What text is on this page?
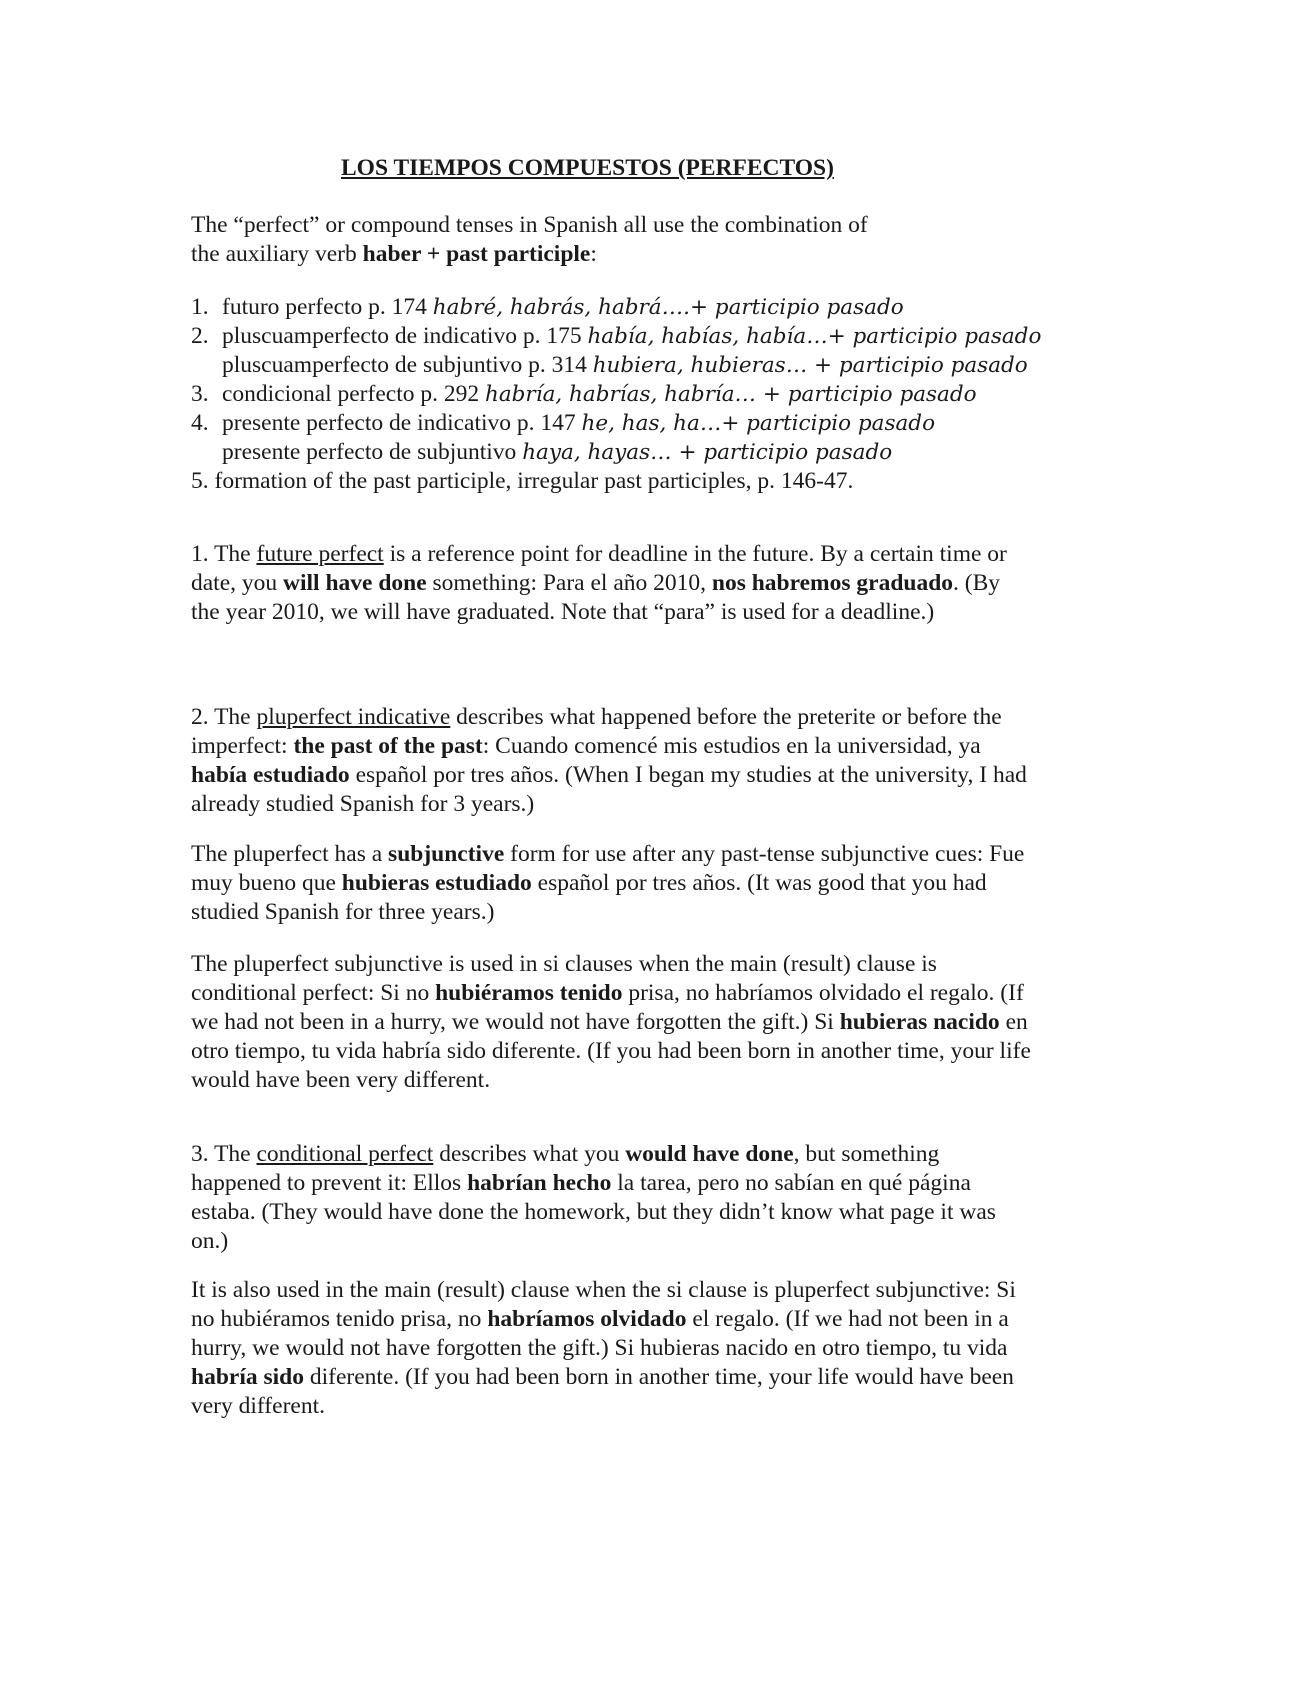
LOS TIEMPOS COMPUESTOS (PERFECTOS)
The “perfect” or compound tenses in Spanish all use the combination of
the auxiliary verb haber + past participle:
1. futuro perfecto p. 174 habré, habrás, habrá….+ participio pasado
2. pluscuamperfecto de indicativo p. 175 había, habías, había…+ participio pasado
pluscuamperfecto de subjuntivo p. 314 hubiera, hubieras… + participio pasado
3. condicional perfecto p. 292 habría, habrías, habría… + participio pasado
4. presente perfecto de indicativo p. 147 he, has, ha…+ participio pasado
presente perfecto de subjuntivo haya, hayas… + participio pasado
5. formation of the past participle, irregular past participles, p. 146-47.
1. The future perfect is a reference point for deadline in the future. By a certain time or
date, you will have done something: Para el año 2010, nos habremos graduado. (By
the year 2010, we will have graduated. Note that “para” is used for a deadline.)
2. The pluperfect indicative describes what happened before the preterite or before the
imperfect: the past of the past: Cuando comencé mis estudios en la universidad, ya
había estudiado español por tres años. (When I began my studies at the university, I had
already studied Spanish for 3 years.)
The pluperfect has a subjunctive form for use after any past-tense subjunctive cues: Fue
muy bueno que hubieras estudiado español por tres años. (It was good that you had
studied Spanish for three years.)
The pluperfect subjunctive is used in si clauses when the main (result) clause is
conditional perfect: Si no hubiéramos tenido prisa, no habríamos olvidado el regalo. (If
we had not been in a hurry, we would not have forgotten the gift.) Si hubieras nacido en
otro tiempo, tu vida habría sido diferente. (If you had been born in another time, your life
would have been very different.
3. The conditional perfect describes what you would have done, but something
happened to prevent it: Ellos habrían hecho la tarea, pero no sabían en qué página
estaba. (They would have done the homework, but they didn’t know what page it was
on.)
It is also used in the main (result) clause when the si clause is pluperfect subjunctive: Si
no hubiéramos tenido prisa, no habríamos olvidado el regalo. (If we had not been in a
hurry, we would not have forgotten the gift.) Si hubieras nacido en otro tiempo, tu vida
habría sido diferente. (If you had been born in another time, your life would have been
very different.
